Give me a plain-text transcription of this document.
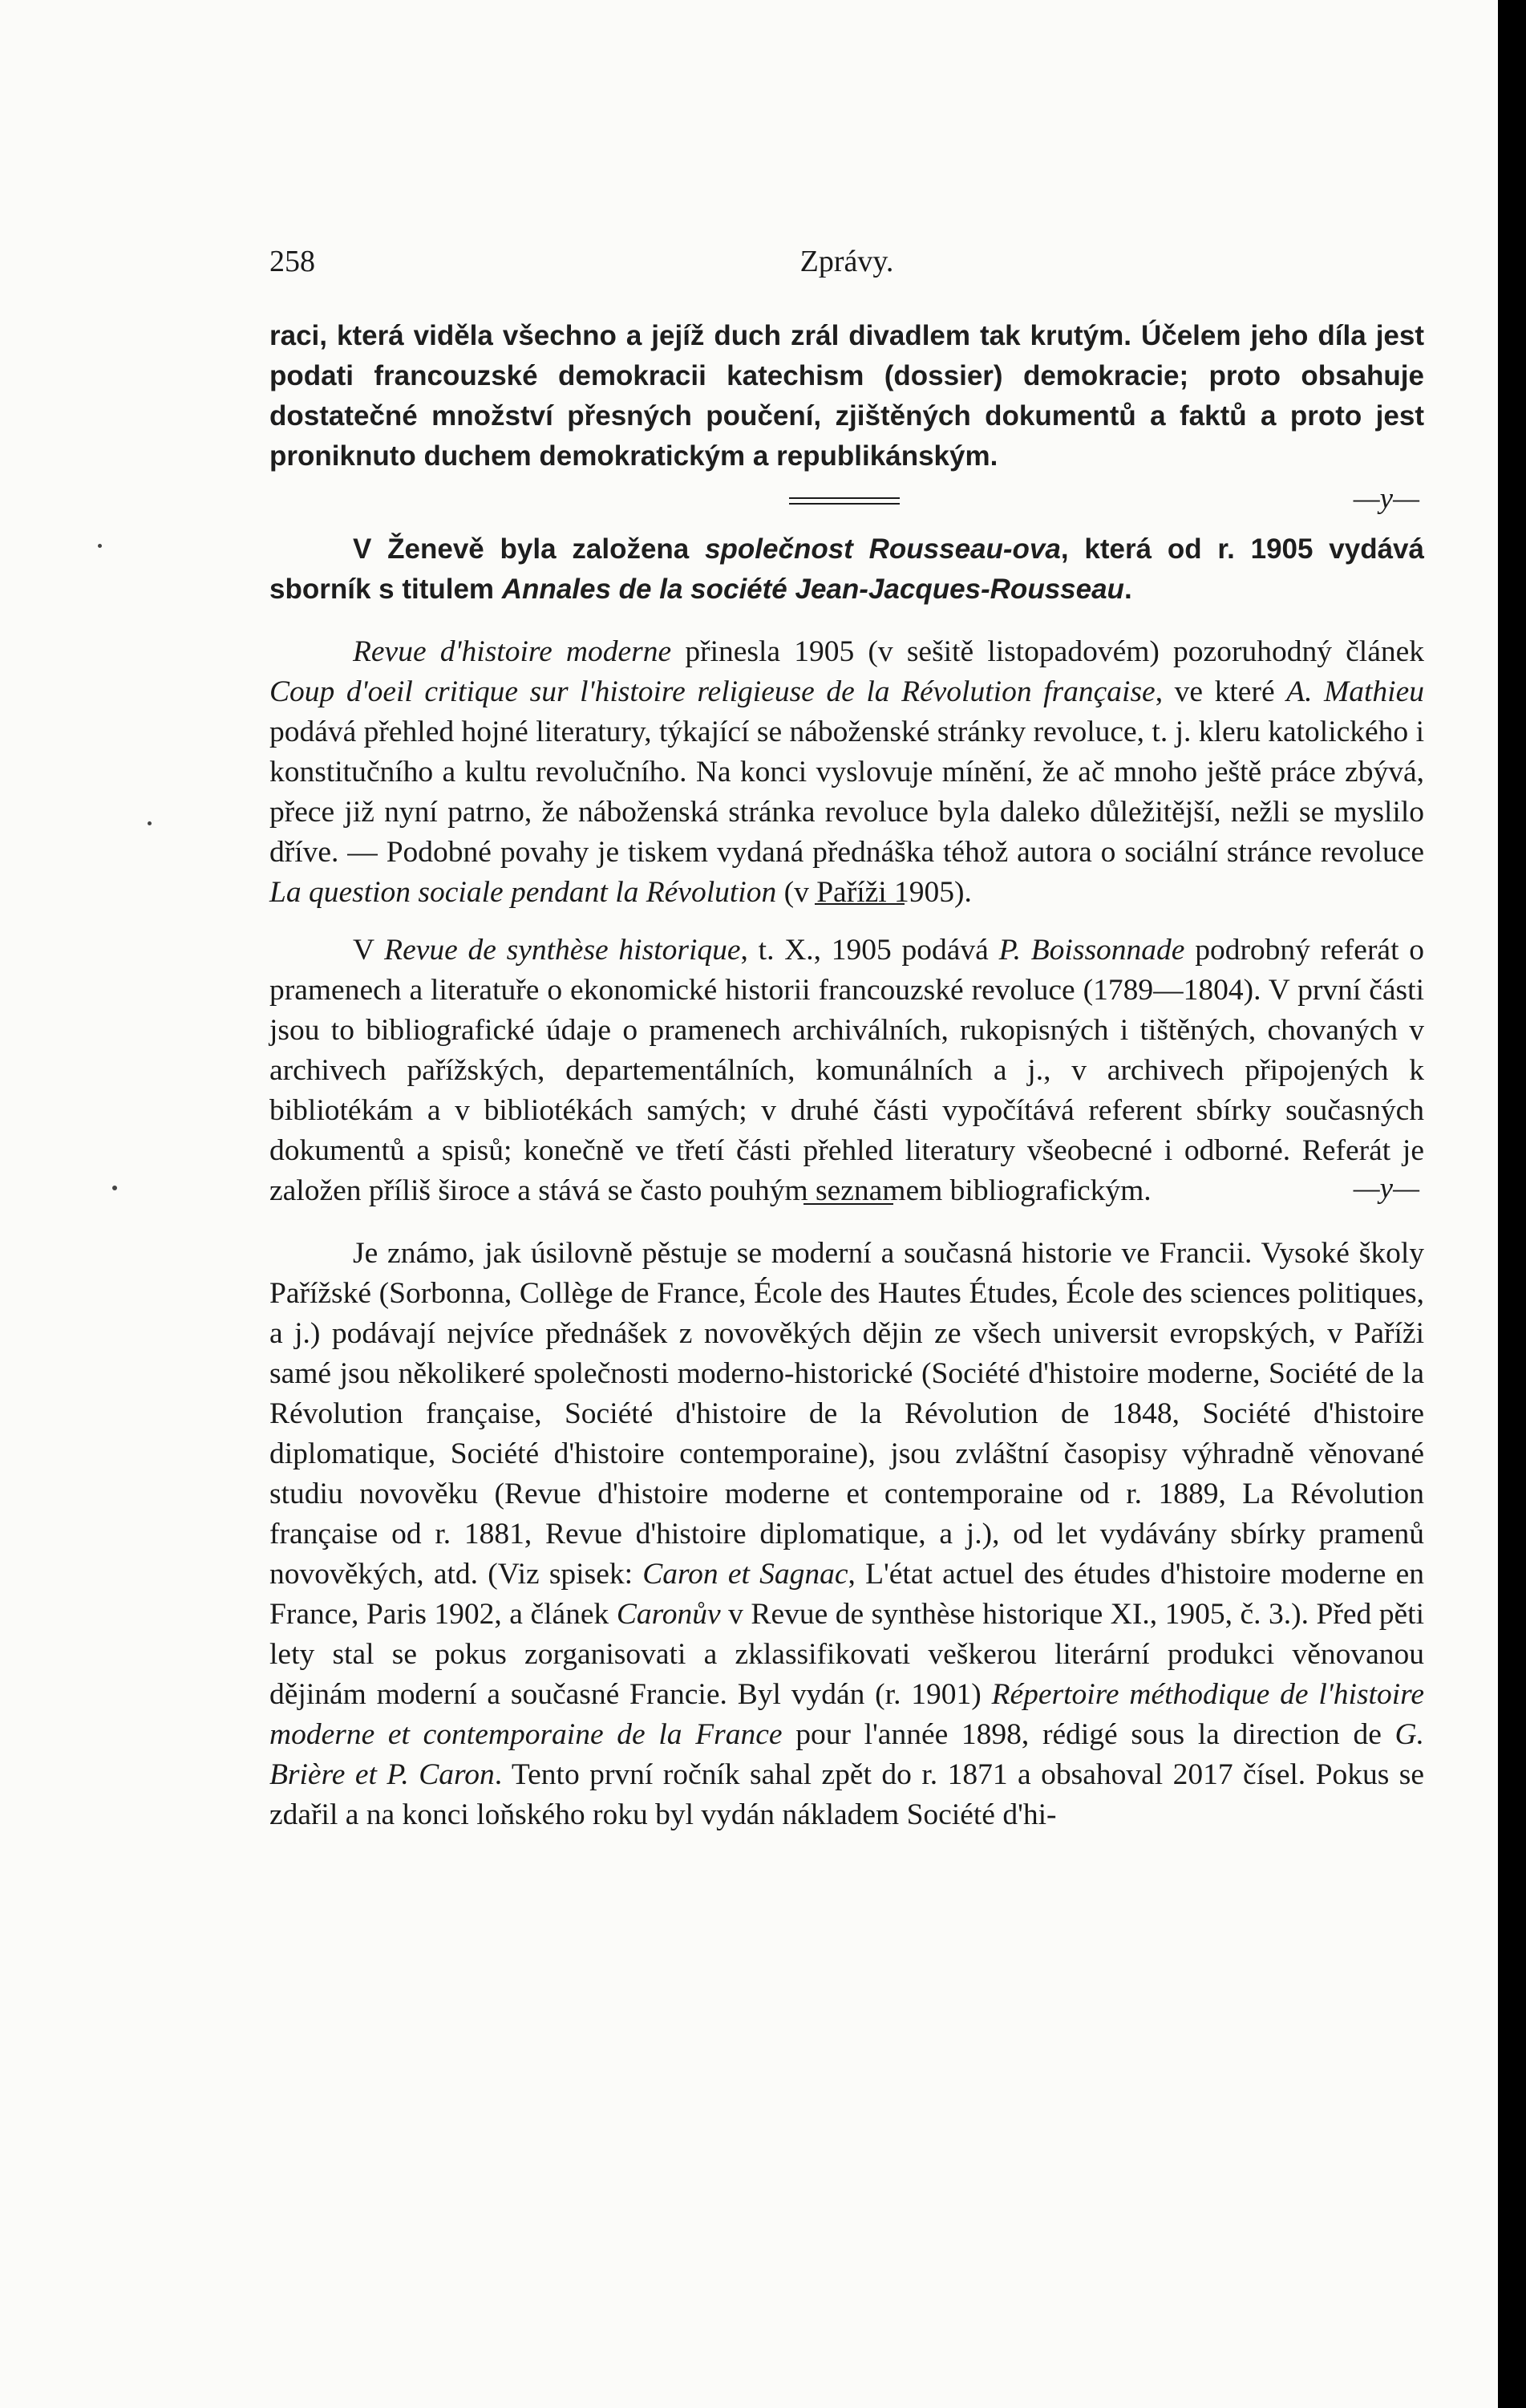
258	Zprávy.

raci, která viděla všechno a jejíž duch zrál divadlem tak krutým. Účelem jeho díla jest podati francouzské demokracii katechism (dossier) demokracie; proto obsahuje dostatečné množství přesných poučení, zjištěných dokumentů a faktů a proto jest proniknuto duchem demokratickým a republikánským.

—y—

V Ženevě byla založena společnost Rousseau-ova, která od r. 1905 vydává sborník s titulem Annales de la société Jean-Jacques-Rousseau.

Revue d'histoire moderne přinesla 1905 (v sešitě listopadovém) pozoruhodný článek Coup d'oeil critique sur l'histoire religieuse de la Révolution française, ve které A. Mathieu podává přehled hojné literatury, týkající se náboženské stránky revoluce, t. j. kleru katolického i konstitučního a kultu revolučního. Na konci vyslovuje mínění, že ač mnoho ještě práce zbývá, přece již nyní patrno, že náboženská stránka revoluce byla daleko důležitější, nežli se myslilo dříve. — Podobné povahy je tiskem vydaná přednáška téhož autora o sociální stránce revoluce La question sociale pendant la Révolution (v Paříži 1905).

V Revue de synthèse historique, t. X., 1905 podává P. Boissonnade podrobný referát o pramenech a literatuře o ekonomické historii francouzské revoluce (1789—1804). V první části jsou to bibliografické údaje o pramenech archiválních, rukopisných i tištěných, chovaných v archivech pařížských, departementálních, komunálních a j., v archivech připojených k bibliotékám a v bibliotékách samých; v druhé části vypočítává referent sbírky současných dokumentů a spisů; konečně ve třetí části přehled literatury všeobecné i odborné. Referát je založen příliš široce a stává se často pouhým seznamem bibliografickým.	—y—

Je známo, jak úsilovně pěstuje se moderní a současná historie ve Francii. Vysoké školy Pařížské (Sorbonna, Collège de France, École des Hautes Études, École des sciences politiques, a j.) podávají nejvíce přednášek z novověkých dějin ze všech universit evropských, v Paříži samé jsou několikeré společnosti moderno-historické (Société d'histoire moderne, Société de la Révolution française, Société d'histoire de la Révolution de 1848, Société d'histoire diplomatique, Société d'histoire contemporaine), jsou zvláštní časopisy výhradně věnované studiu novověku (Revue d'histoire moderne et contemporaine od r. 1889, La Révolution française od r. 1881, Revue d'histoire diplomatique, a j.), od let vydávány sbírky pramenů novověkých, atd. (Viz spisek: Caron et Sagnac, L'état actuel des études d'histoire moderne en France, Paris 1902, a článek Caronův v Revue de synthèse historique XI., 1905, č. 3.). Před pěti lety stal se pokus zorganisovati a zklassifikovati veškerou literární produkci věnovanou dějinám moderní a současné Francie. Byl vydán (r. 1901) Répertoire méthodique de l'histoire moderne et contemporaine de la France pour l'année 1898, rédigé sous la direction de G. Brière et P. Caron. Tento první ročník sahal zpět do r. 1871 a obsahoval 2017 čísel. Pokus se zdařil a na konci loňského roku byl vydán nákladem Société d'hi-
